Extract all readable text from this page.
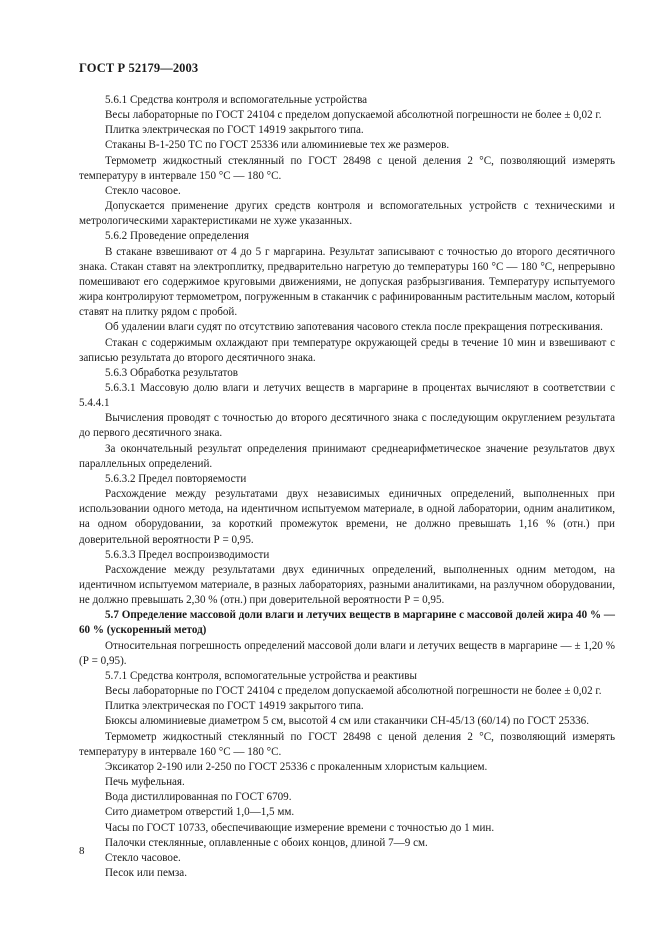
ГОСТ Р 52179—2003

5.6.1 Средства контроля и вспомогательные устройства

Весы лабораторные по ГОСТ 24104 с пределом допускаемой абсолютной погрешности не более ± 0,02 г.

Плитка электрическая по ГОСТ 14919 закрытого типа.

Стаканы В-1-250 ТС по ГОСТ 25336 или алюминиевые тех же размеров.

Термометр жидкостный стеклянный по ГОСТ 28498 с ценой деления 2 °С, позволяющий измерять температуру в интервале 150 °С — 180 °С.

Стекло часовое.

Допускается применение других средств контроля и вспомогательных устройств с техническими и метрологическими характеристиками не хуже указанных.

5.6.2 Проведение определения

В стакане взвешивают от 4 до 5 г маргарина. Результат записывают с точностью до второго десятичного знака. Стакан ставят на электроплитку, предварительно нагретую до температуры 160 °С — 180 °С, непрерывно помешивают его содержимое круговыми движениями, не допуская разбрызгивания. Температуру испытуемого жира контролируют термометром, погруженным в стаканчик с рафинированным растительным маслом, который ставят на плитку рядом с пробой.

Об удалении влаги судят по отсутствию запотевания часового стекла после прекращения потрескивания.

Стакан с содержимым охлаждают при температуре окружающей среды в течение 10 мин и взвешивают с записью результата до второго десятичного знака.

5.6.3 Обработка результатов

5.6.3.1 Массовую долю влаги и летучих веществ в маргарине в процентах вычисляют в соответствии с 5.4.4.1

Вычисления проводят с точностью до второго десятичного знака с последующим округлением результата до первого десятичного знака.

За окончательный результат определения принимают среднеарифметическое значение результатов двух параллельных определений.

5.6.3.2 Предел повторяемости

Расхождение между результатами двух независимых единичных определений, выполненных при использовании одного метода, на идентичном испытуемом материале, в одной лаборатории, одним аналитиком, на одном оборудовании, за короткий промежуток времени, не должно превышать 1,16 % (отн.) при доверительной вероятности Р = 0,95.

5.6.3.3 Предел воспроизводимости

Расхождение между результатами двух единичных определений, выполненных одним методом, на идентичном испытуемом материале, в разных лабораториях, разными аналитиками, на разлучном оборудовании, не должно превышать 2,30 % (отн.) при доверительной вероятности Р = 0,95.

5.7 Определение массовой доли влаги и летучих веществ в маргарине с массовой долей жира 40 % — 60 % (ускоренный метод)

Относительная погрешность определений массовой доли влаги и летучих веществ в маргарине — ± 1,20 % (Р = 0,95).

5.7.1 Средства контроля, вспомогательные устройства и реактивы

Весы лабораторные по ГОСТ 24104 с пределом допускаемой абсолютной погрешности не более ± 0,02 г.

Плитка электрическая по ГОСТ 14919 закрытого типа.

Бюксы алюминиевые диаметром 5 см, высотой 4 см или стаканчики СН-45/13 (60/14) по ГОСТ 25336.

Термометр жидкостный стеклянный по ГОСТ 28498 с ценой деления 2 °С, позволяющий измерять температуру в интервале 160 °С — 180 °С.

Эксикатор 2-190 или 2-250 по ГОСТ 25336 с прокаленным хлористым кальцием.

Печь муфельная.

Вода дистиллированная по ГОСТ 6709.

Сито диаметром отверстий 1,0—1,5 мм.

Часы по ГОСТ 10733, обеспечивающие измерение времени с точностью до 1 мин.

Палочки стеклянные, оплавленные с обоих концов, длиной 7—9 см.

Стекло часовое.

Песок или пемза.

8
